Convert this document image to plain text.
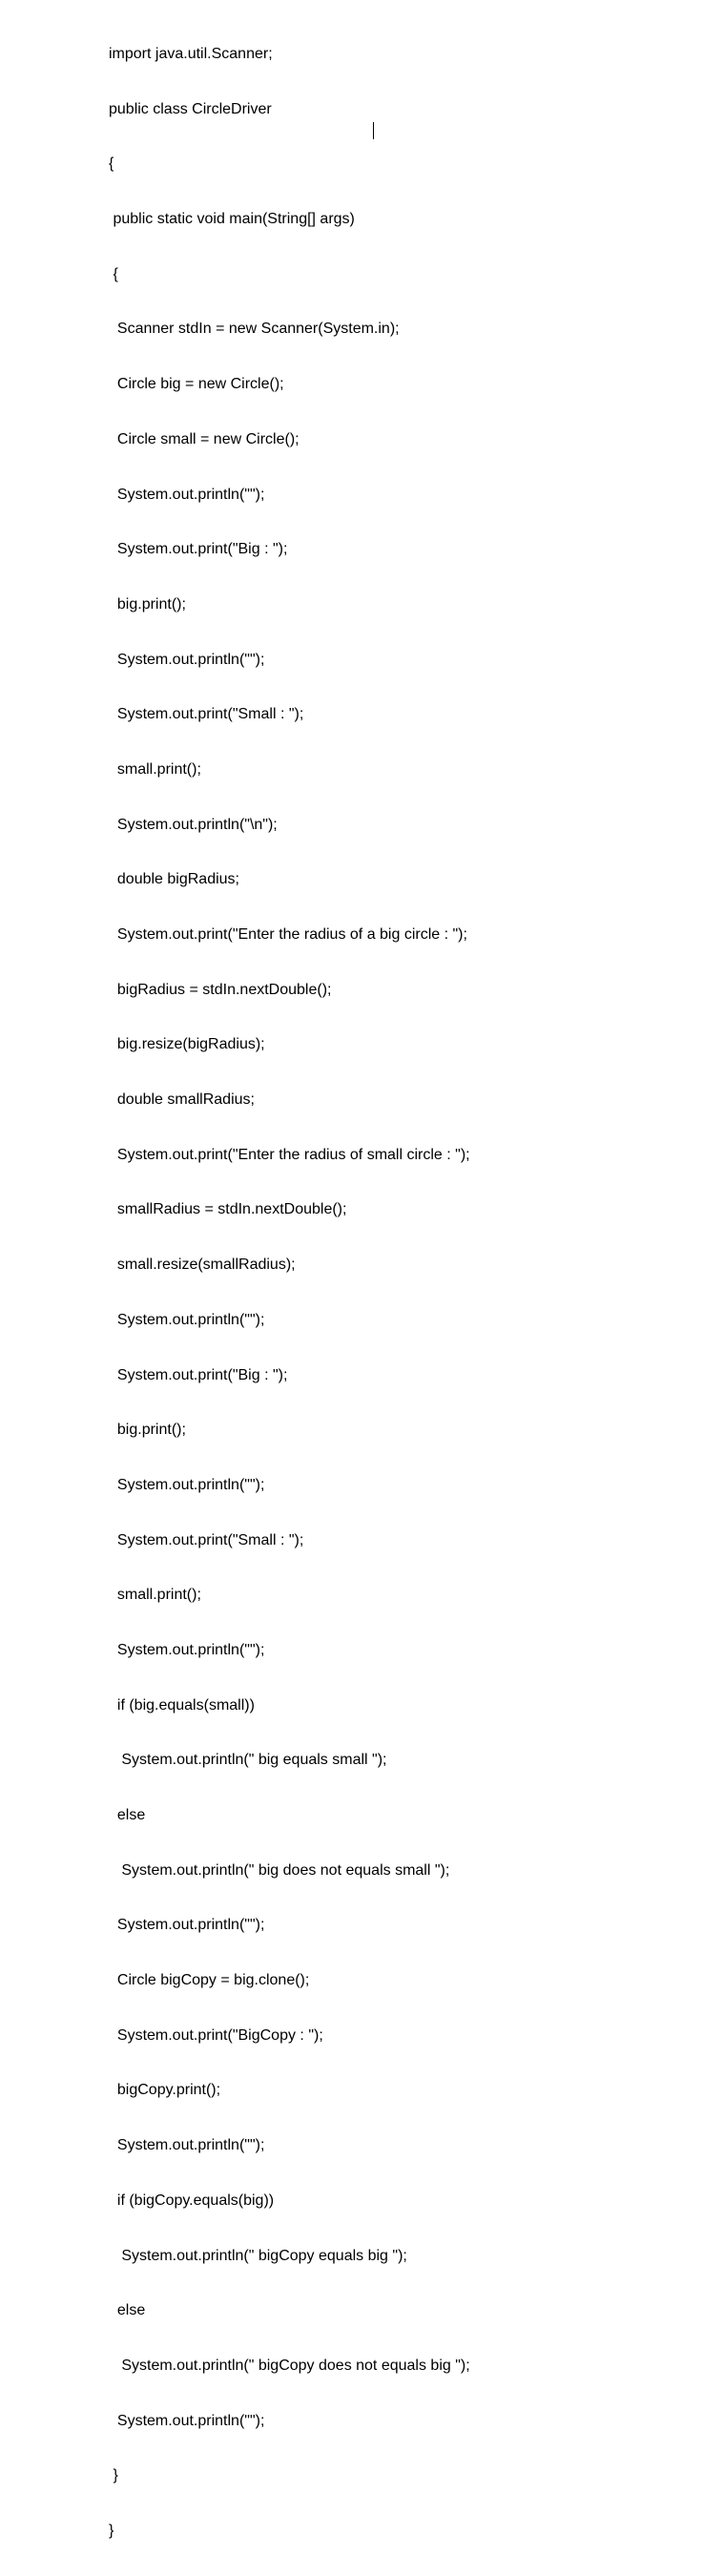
import java.util.Scanner;

public class CircleDriver

{

public static void main(String[] args)

{

Scanner stdIn = new Scanner(System.in);

Circle big = new Circle();

Circle small = new Circle();

System.out.println("");

System.out.print("Big : ");

big.print();

System.out.println("");

System.out.print("Small : ");

small.print();

System.out.println("\n");

double bigRadius;

System.out.print("Enter the radius of a big circle : ");

bigRadius = stdIn.nextDouble();

big.resize(bigRadius);

double smallRadius;

System.out.print("Enter the radius of small circle : ");

smallRadius = stdIn.nextDouble();

small.resize(smallRadius);

System.out.println("");

System.out.print("Big : ");

big.print();

System.out.println("");

System.out.print("Small : ");

small.print();

System.out.println("");

if (big.equals(small))

System.out.println(" big equals small ");

else

System.out.println(" big does not equals small ");

System.out.println("");

Circle bigCopy = big.clone();

System.out.print("BigCopy : ");

bigCopy.print();

System.out.println("");

if (bigCopy.equals(big))

System.out.println(" bigCopy equals big ");

else

System.out.println(" bigCopy does not equals big ");

System.out.println("");

}

}
